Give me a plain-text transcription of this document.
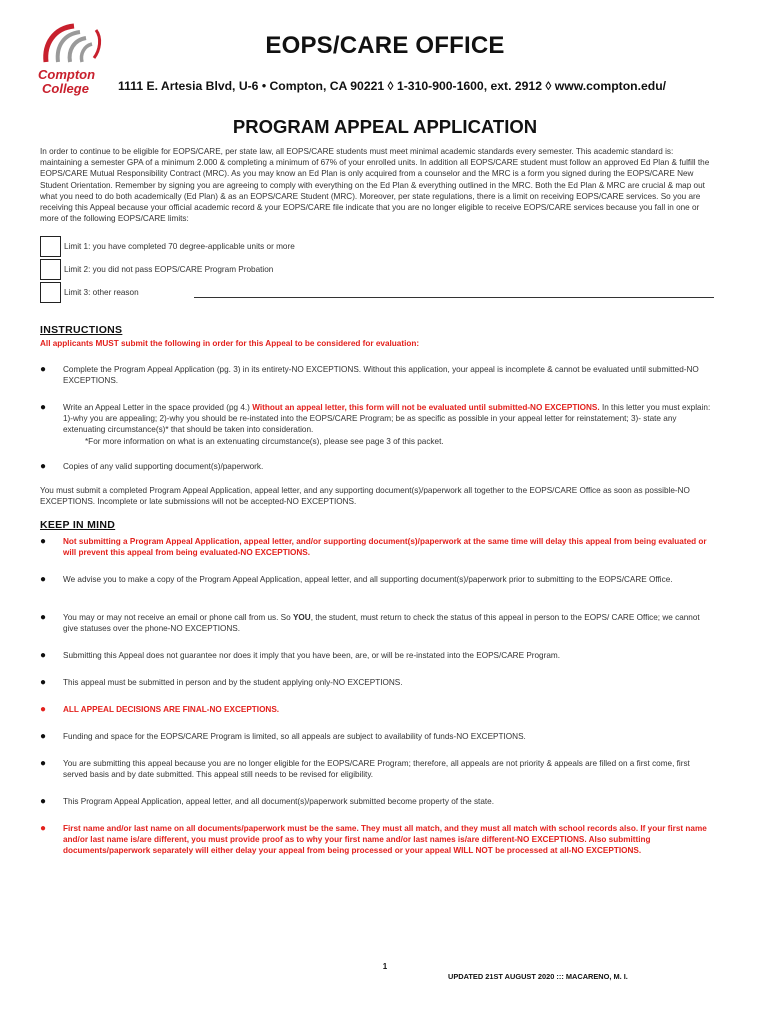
Compton
College
EOPS/CARE OFFICE
1111 E. Artesia Blvd, U-6 • Compton, CA 90221 ◊ 1-310-900-1600, ext. 2912 ◊ www.compton.edu/
PROGRAM APPEAL APPLICATION

In order to continue to be eligible for EOPS/CARE, per state law, all EOPS/CARE students must meet minimal academic standards every semester. This academic standard is: maintaining a semester GPA of a minimum 2.000 & completing a minimum of 67% of your enrolled units. In addition all EOPS/CARE student must follow an approved Ed Plan & fulfill the EOPS/CARE Mutual Responsibility Contract (MRC). As you may know an Ed Plan is only acquired from a counselor and the MRC is a form you signed during the EOPS/CARE New Student Orientation. Remember by signing you are agreeing to comply with everything on the Ed Plan & everything outlined in the MRC. Both the Ed Plan & MRC are crucial & map out what you need to do both academically (Ed Plan) & as an EOPS/CARE Student (MRC). Moreover, per state regulations, there is a limit on receiving EOPS/CARE services. So you are receiving this Appeal because your official academic record & your EOPS/CARE file indicate that you are no longer eligible to receive EOPS/CARE services because you fall in one or more of the following EOPS/CARE limits:

Limit 1: you have completed 70 degree-applicable units or more
Limit 2: you did not pass EOPS/CARE Program Probation
Limit 3: other reason
INSTRUCTIONS
All applicants MUST submit the following in order for this Appeal to be considered for evaluation:
● Complete the Program Appeal Application (pg. 3) in its entirety-NO EXCEPTIONS. Without this application, your appeal is incomplete & cannot be evaluated until submitted-NO EXCEPTIONS.
● Write an Appeal Letter in the space provided (pg 4.) Without an appeal letter, this form will not be evaluated until submitted-NO EXCEPTIONS. In this letter you must explain: 1)-why you are appealing; 2)-why you should be re-instated into the EOPS/CARE Program; be as specific as possible in your appeal letter for reinstatement; 3)- state any extenuating circumstance(s)* that should be taken into consideration.
*For more information on what is an extenuating circumstance(s), please see page 3 of this packet.
● Copies of any valid supporting document(s)/paperwork.
You must submit a completed Program Appeal Application, appeal letter, and any supporting document(s)/paperwork all together to the EOPS/CARE Office as soon as possible-NO EXCEPTIONS. Incomplete or late submissions will not be accepted-NO EXCEPTIONS.
KEEP IN MIND
● Not submitting a Program Appeal Application, appeal letter, and/or supporting document(s)/paperwork at the same time will delay this appeal from being evaluated or will prevent this appeal from being evaluated-NO EXCEPTIONS.
● We advise you to make a copy of the Program Appeal Application, appeal letter, and all supporting document(s)/paperwork prior to submitting to the EOPS/CARE Office.
● You may or may not receive an email or phone call from us. So YOU, the student, must return to check the status of this appeal in person to the EOPS/ CARE Office; we cannot give statuses over the phone-NO EXCEPTIONS.
● Submitting this Appeal does not guarantee nor does it imply that you have been, are, or will be re-instated into the EOPS/CARE Program.
● This appeal must be submitted in person and by the student applying only-NO EXCEPTIONS.
● ALL APPEAL DECISIONS ARE FINAL-NO EXCEPTIONS.
● Funding and space for the EOPS/CARE Program is limited, so all appeals are subject to availability of funds-NO EXCEPTIONS.
● You are submitting this appeal because you are no longer eligible for the EOPS/CARE Program; therefore, all appeals are not priority & appeals are filled on a first come, first served basis and by date submitted. This appeal still needs to be revised for eligibility.
● This Program Appeal Application, appeal letter, and all document(s)/paperwork submitted become property of the state.
● First name and/or last name on all documents/paperwork must be the same. They must all match, and they must all match with school records also. If your first name and/or last name is/are different, you must provide proof as to why your first name and/or last names is/are different-NO EXCEPTIONS. Also submitting documents/paperwork separately will either delay your appeal from being processed or your appeal WILL NOT be processed at all-NO EXCEPTIONS.
1
UPDATED 21ST AUGUST 2020 ::: MACARENO, M. I.
